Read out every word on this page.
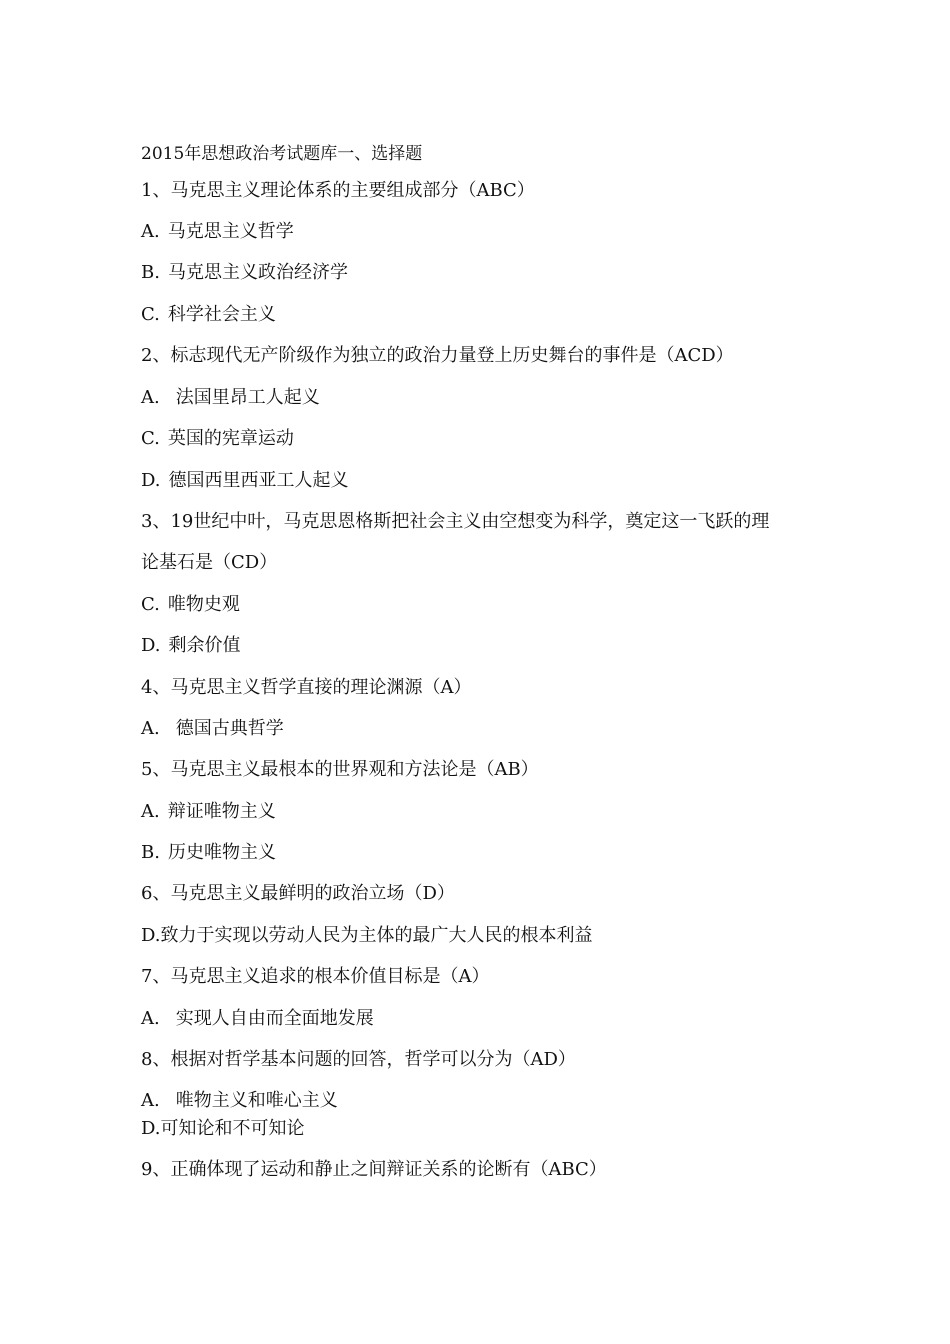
2015年思想政治考试题库一、选择题
1、马克思主义理论体系的主要组成部分（ABC）
A. 马克思主义哲学
B. 马克思主义政治经济学
C. 科学社会主义
2、标志现代无产阶级作为独立的政治力量登上历史舞台的事件是（ACD）
A. 法国里昂工人起义
C. 英国的宪章运动
D. 德国西里西亚工人起义
3、19世纪中叶，马克思恩格斯把社会主义由空想变为科学，奠定这一飞跃的理
论基石是（CD）
C. 唯物史观
D. 剩余价值
4、马克思主义哲学直接的理论渊源（A）
A. 德国古典哲学
5、马克思主义最根本的世界观和方法论是（AB）
A. 辩证唯物主义
B. 历史唯物主义
6、马克思主义最鲜明的政治立场（D）
D.致力于实现以劳动人民为主体的最广大人民的根本利益
7、马克思主义追求的根本价值目标是（A）
A. 实现人自由而全面地发展
8、根据对哲学基本问题的回答，哲学可以分为（AD）
A. 唯物主义和唯心主义
D.可知论和不可知论
9、正确体现了运动和静止之间辩证关系的论断有（ABC）
